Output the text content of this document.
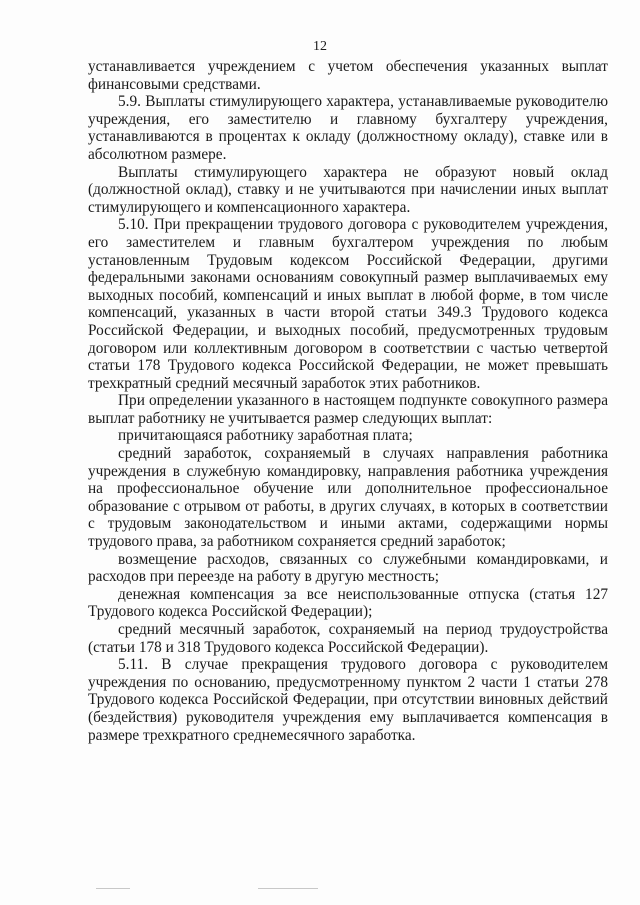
12

устанавливается учреждением с учетом обеспечения указанных выплат финансовыми средствами.

5.9. Выплаты стимулирующего характера, устанавливаемые руководителю учреждения, его заместителю и главному бухгалтеру учреждения, устанавливаются в процентах к окладу (должностному окладу), ставке или в абсолютном размере.

Выплаты стимулирующего характера не образуют новый оклад (должностной оклад), ставку и не учитываются при начислении иных выплат стимулирующего и компенсационного характера.

5.10. При прекращении трудового договора с руководителем учреждения, его заместителем и главным бухгалтером учреждения по любым установленным Трудовым кодексом Российской Федерации, другими федеральными законами основаниям совокупный размер выплачиваемых ему выходных пособий, компенсаций и иных выплат в любой форме, в том числе компенсаций, указанных в части второй статьи 349.3 Трудового кодекса Российской Федерации, и выходных пособий, предусмотренных трудовым договором или коллективным договором в соответствии с частью четвертой статьи 178 Трудового кодекса Российской Федерации, не может превышать трехкратный средний месячный заработок этих работников.

При определении указанного в настоящем подпункте совокупного размера выплат работнику не учитывается размер следующих выплат:

причитающаяся работнику заработная плата;

средний заработок, сохраняемый в случаях направления работника учреждения в служебную командировку, направления работника учреждения на профессиональное обучение или дополнительное профессиональное образование с отрывом от работы, в других случаях, в которых в соответствии с трудовым законодательством и иными актами, содержащими нормы трудового права, за работником сохраняется средний заработок;

возмещение расходов, связанных со служебными командировками, и расходов при переезде на работу в другую местность;

денежная компенсация за все неиспользованные отпуска (статья 127 Трудового кодекса Российской Федерации);

средний месячный заработок, сохраняемый на период трудоустройства (статьи 178 и 318 Трудового кодекса Российской Федерации).

5.11. В случае прекращения трудового договора с руководителем учреждения по основанию, предусмотренному пунктом 2 части 1 статьи 278 Трудового кодекса Российской Федерации, при отсутствии виновных действий (бездействия) руководителя учреждения ему выплачивается компенсация в размере трехкратного среднемесячного заработка.
